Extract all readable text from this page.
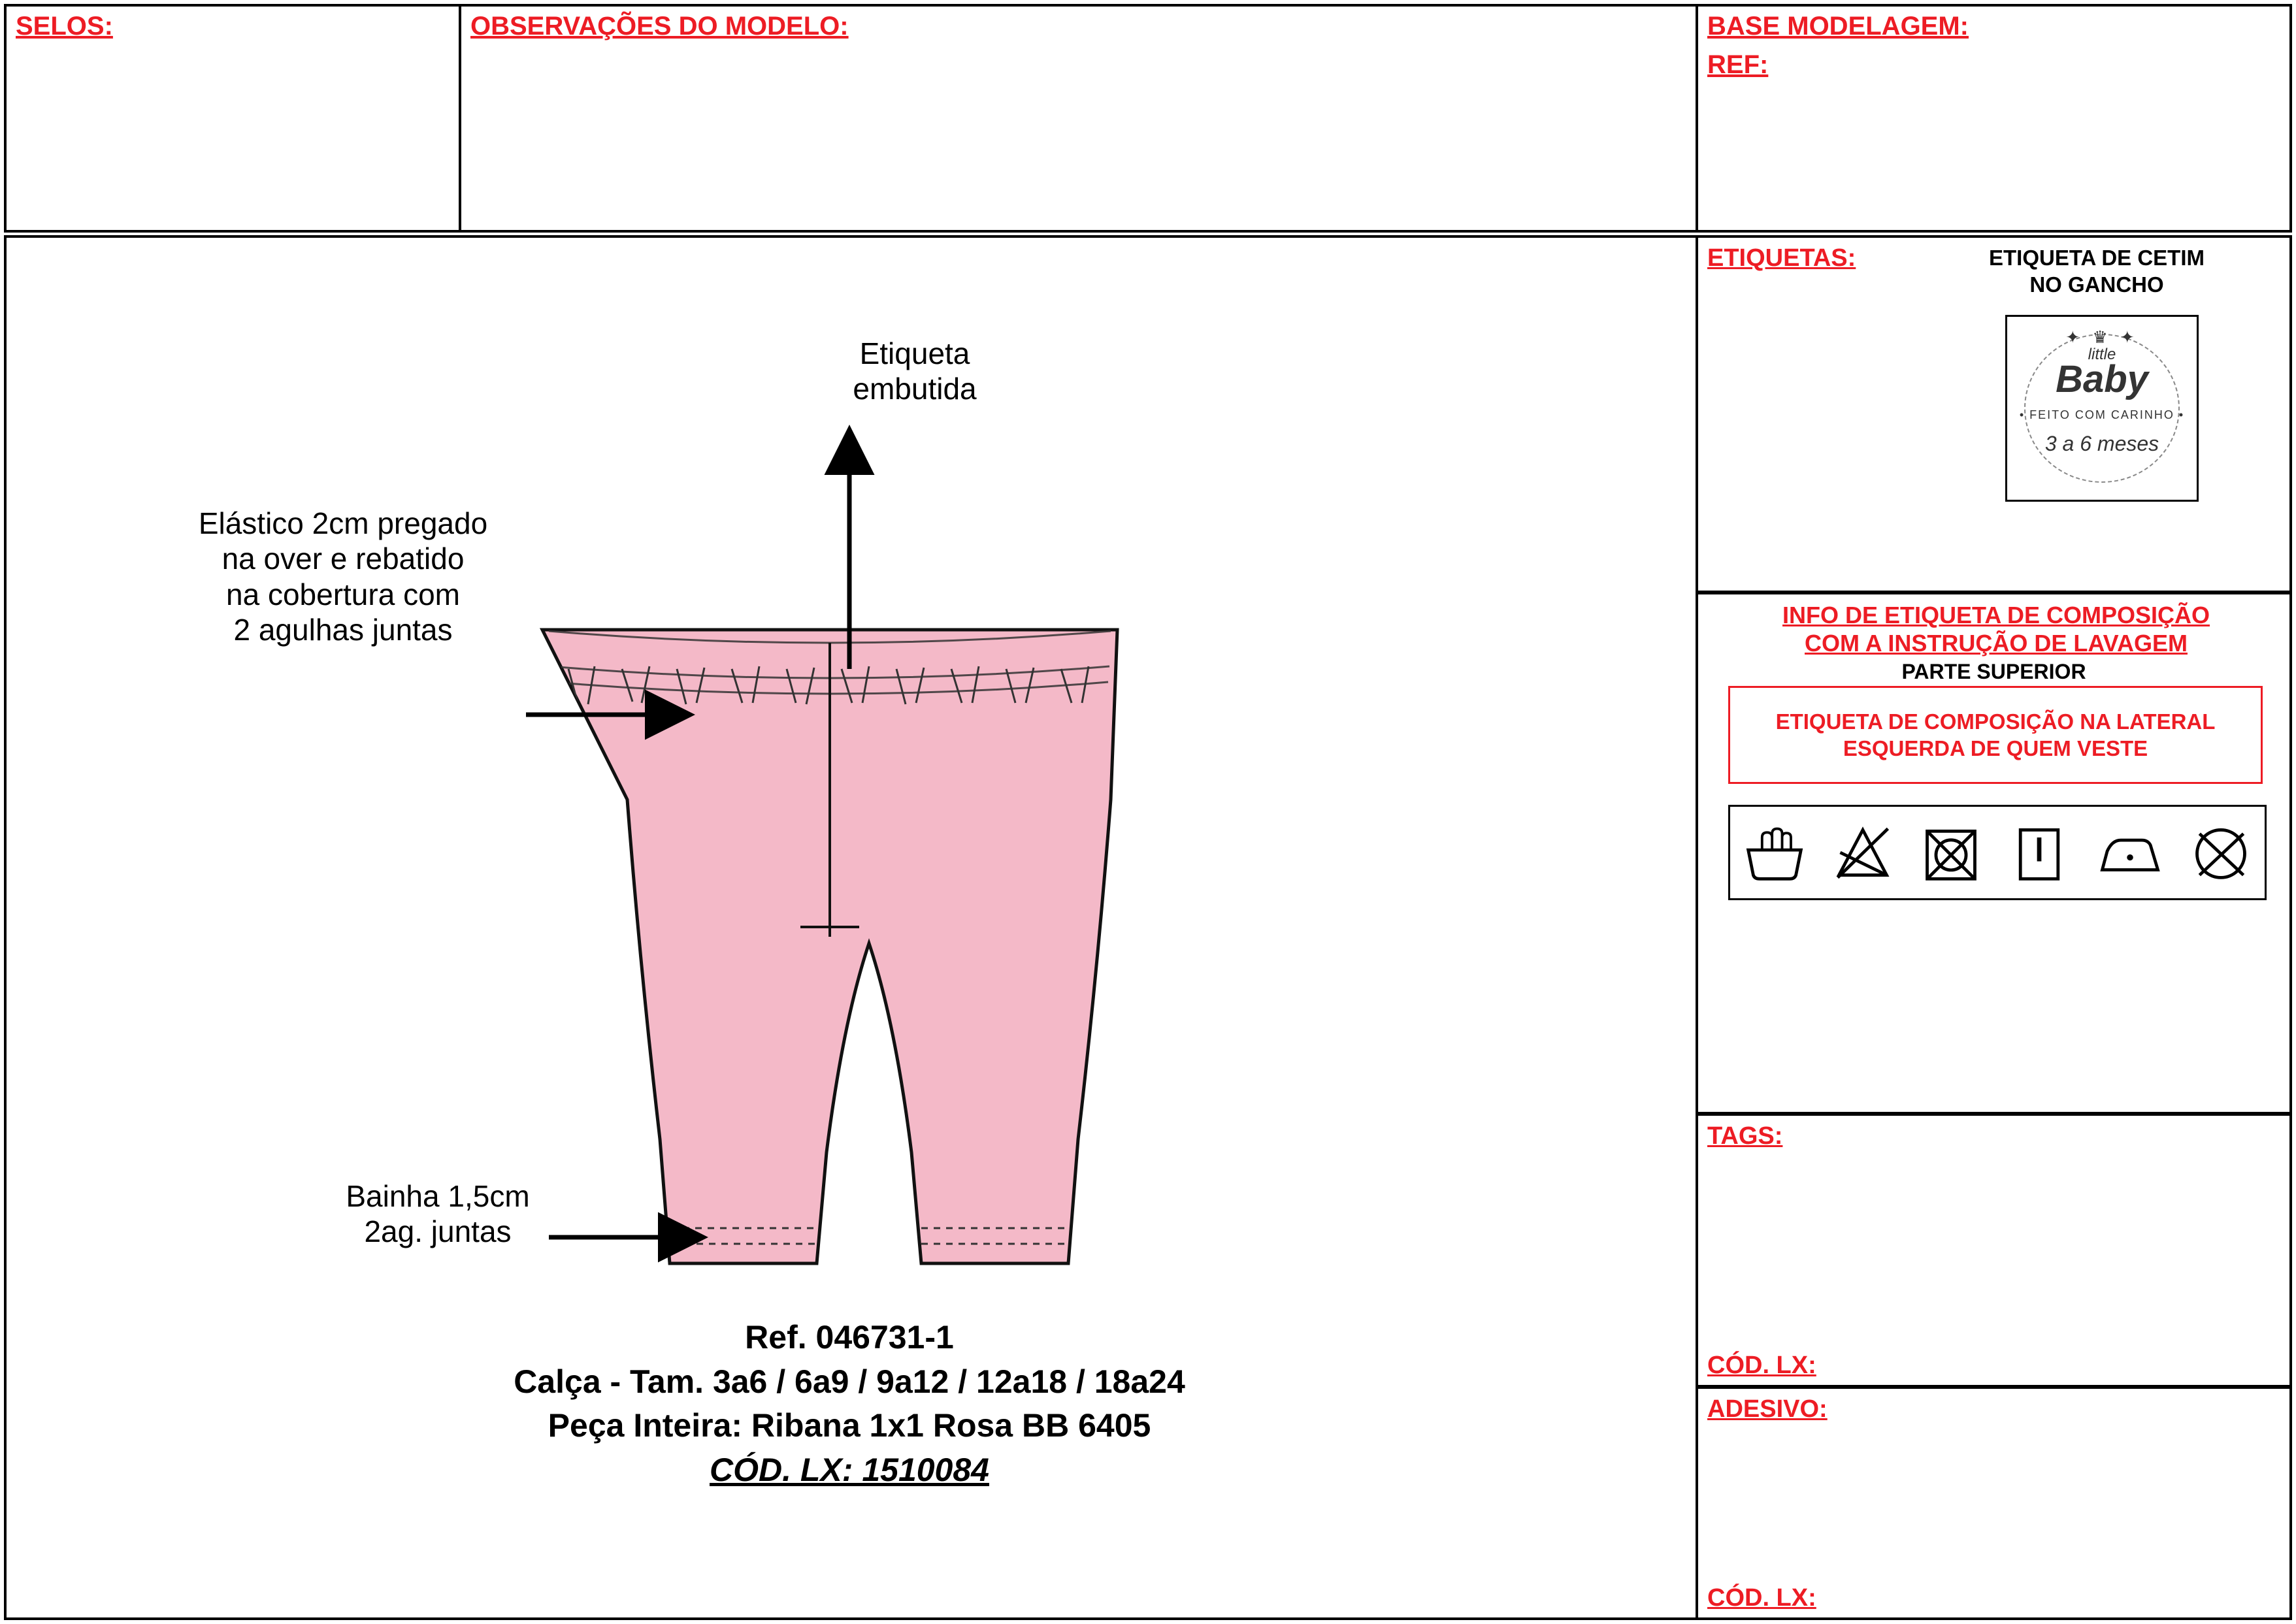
SELOS:	OBSERVAÇÕES DO MODELO:	BASE MODELAGEM:
REF:
Etiqueta
embutida
Elástico 2cm pregado
na over e rebatido
na cobertura com
2 agulhas juntas
Bainha 1,5cm
2ag. juntas
Ref. 046731-1
Calça - Tam. 3a6 / 6a9 / 9a12 / 12a18 / 18a24
Peça Inteira: Ribana 1x1 Rosa BB 6405
CÓD. LX: 1510084
ETIQUETAS:	ETIQUETA DE CETIM
NO GANCHO
✦ ♛ ✦
little
Baby
• FEITO COM CARINHO •
3 a 6 meses
INFO DE ETIQUETA DE COMPOSIÇÃO
COM A INSTRUÇÃO DE LAVAGEM
PARTE SUPERIOR
ETIQUETA DE COMPOSIÇÃO NA LATERAL ESQUERDA DE QUEM VESTE
TAGS:
CÓD. LX:
ADESIVO:
CÓD. LX:
